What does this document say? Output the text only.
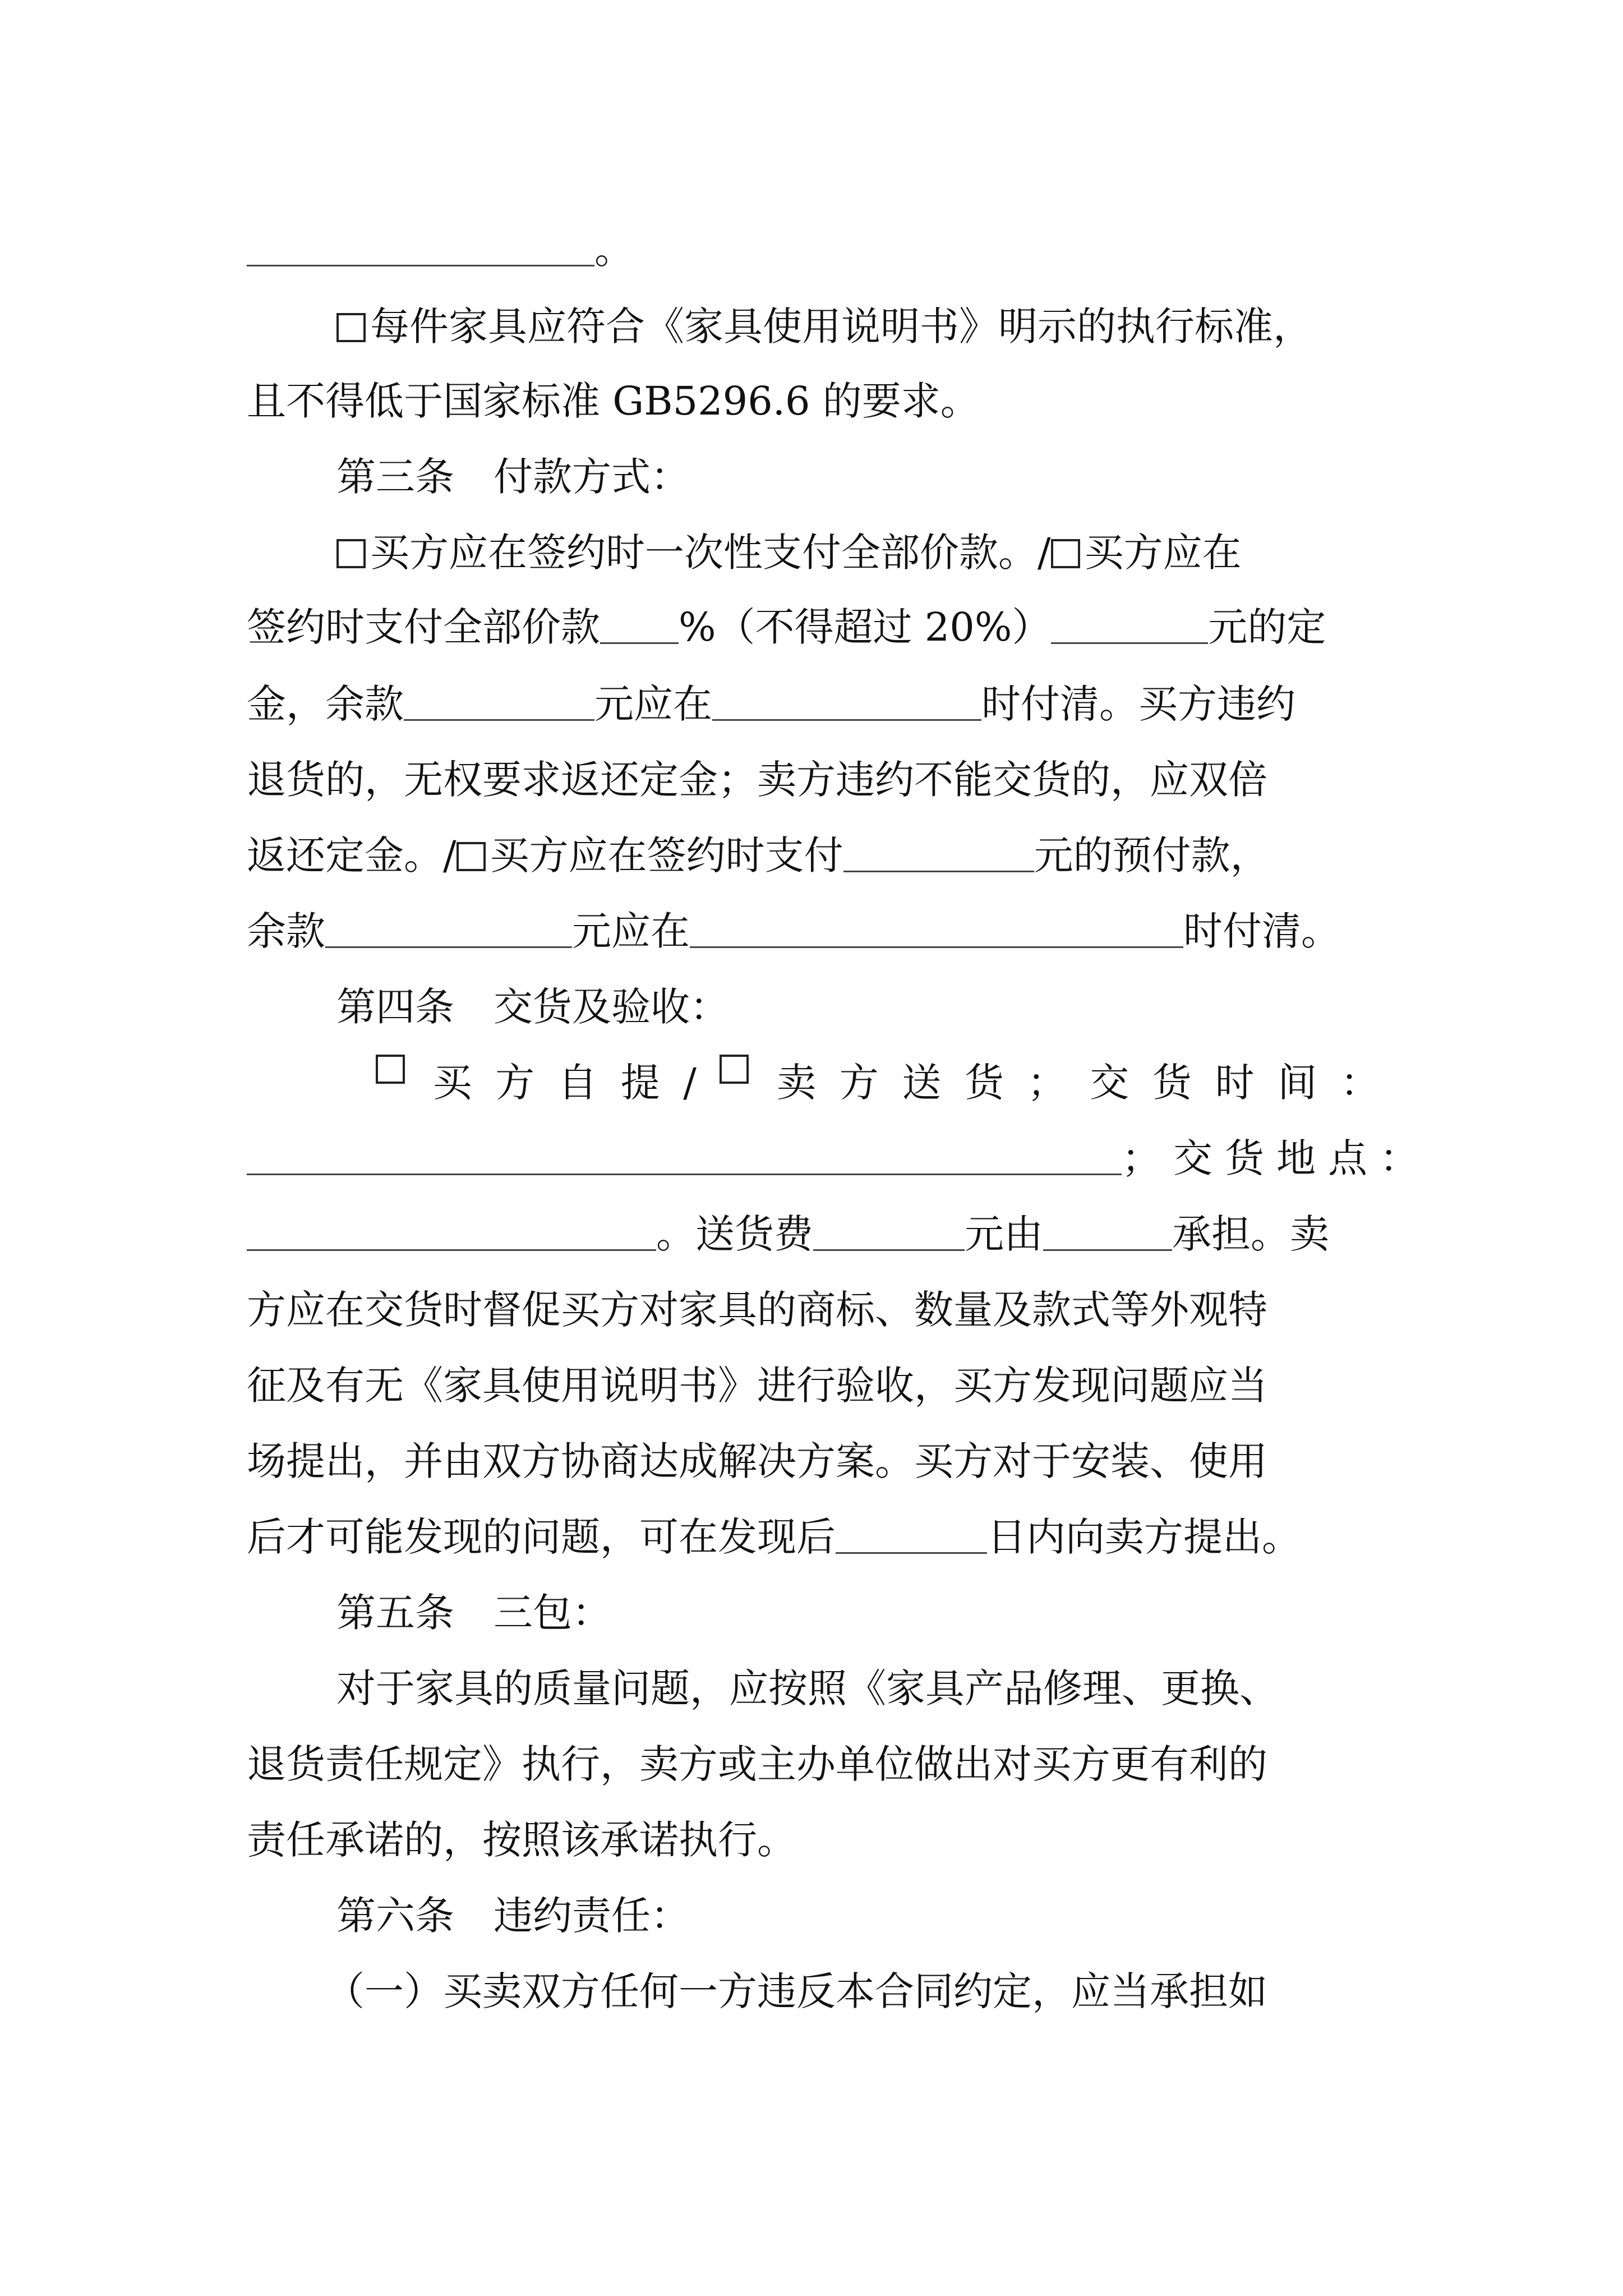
。
每件家具应符合《家具使用说明书》明示的执行标准，
且不得低于国家标准 GB5296.6 的要求。
第三条　付款方式：
买方应在签约时一次性支付全部价款。/ 买方应在
签约时支付全部价款 %（不得超过 20%）	元的定
金，余款	元应在	时付清。买方违约
退货的，无权要求返还定金；卖方违约不能交货的，应双倍
返还定金。/ 买方应在签约时支付	元的预付款，
余款	元应在	时付清。
第四条　交货及验收：
买 方 自 提 / 卖 方 送 货 ； 交 货 时 间 ：
；交货地点：
。送货费	元由	承担。卖
方应在交货时督促买方对家具的商标、数量及款式等外观特
征及有无《家具使用说明书》进行验收，买方发现问题应当
场提出，并由双方协商达成解决方案。买方对于安装、使用
后才可能发现的问题，可在发现后	日内向卖方提出。
第五条　三包：
对于家具的质量问题，应按照《家具产品修理、更换、
退货责任规定》执行，卖方或主办单位做出对买方更有利的
责任承诺的，按照该承诺执行。
第六条　违约责任：
（一）买卖双方任何一方违反本合同约定，应当承担如
